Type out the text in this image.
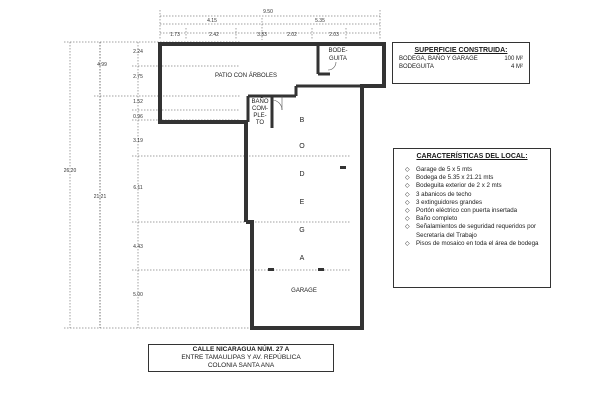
9.50
4.15	5.35
1.73	2.42	3.33	2.02	2.03
2.24
2.75
1.52
0.96
3.19
6.11
4.43
5.00
4.99
26.20
21.21
PATIO CON ÁRBOLES
BODE-
GUITA
BAÑO
COM-
PLE-
TO	B
O
D
E
G
A
GARAGE
SUPERFICIE CONSTRUIDA:
BODEGA, BAÑO Y GARAGE	100 M²
BODEGUITA	4 M²
CARACTERÍSTICAS DEL LOCAL:
◇ Garage de 5 x 5 mts
◇ Bodega de 5.35 x 21.21 mts
◇ Bodeguita exterior de 2 x 2 mts
◇ 3 abanicos de techo
◇ 3 extinguidores grandes
◇ Portón eléctrico con puerta insertada
◇ Baño completo
◇ Señalamientos de seguridad requeridos por Secretaría del Trabajo
◇ Pisos de mosaico en toda el área de bodega
CALLE NICARAGUA NÚM. 27 A
ENTRE TAMAULIPAS Y AV. REPÚBLICA
COLONIA SANTA ANA
